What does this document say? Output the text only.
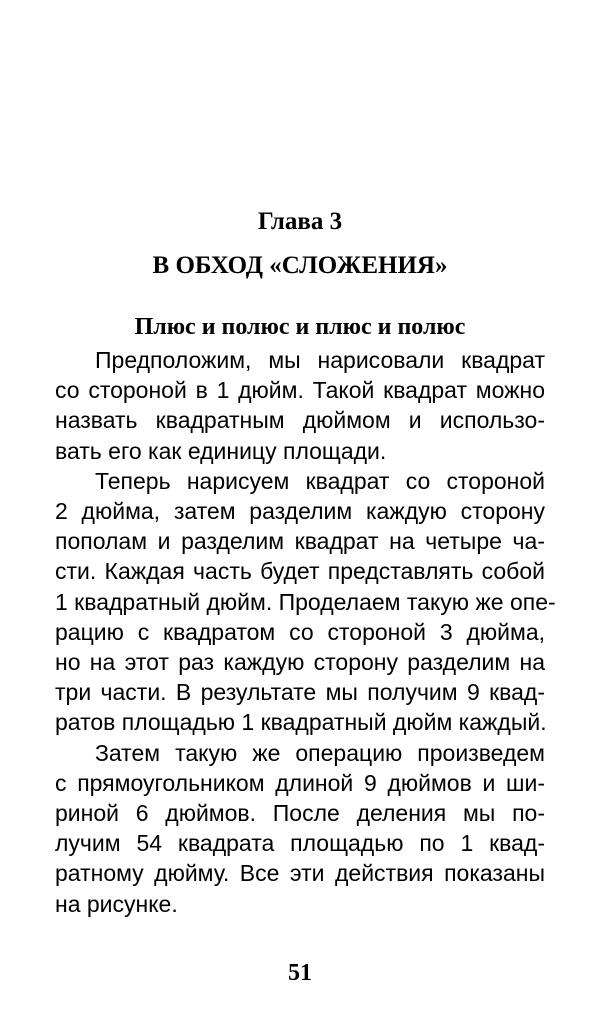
Глава 3
В ОБХОД «СЛОЖЕНИЯ»
Плюс и полюс и плюс и полюс

Предположим, мы нарисовали квадрат
со стороной в 1 дюйм. Такой квадрат можно
назвать квадратным дюймом и использо-
вать его как единицу площади.

Теперь нарисуем квадрат со стороной
2 дюйма, затем разделим каждую сторону
пополам и разделим квадрат на четыре ча-
сти. Каждая часть будет представлять собой
1 квадратный дюйм. Проделаем такую же опе-
рацию с квадратом со стороной 3 дюйма,
но на этот раз каждую сторону разделим на
три части. В результате мы получим 9 квад-
ратов площадью 1 квадратный дюйм каждый.

Затем такую же операцию произведем
с прямоугольником длиной 9 дюймов и ши-
риной 6 дюймов. После деления мы по-
лучим 54 квадрата площадью по 1 квад-
ратному дюйму. Все эти действия показаны
на рисунке.

51
